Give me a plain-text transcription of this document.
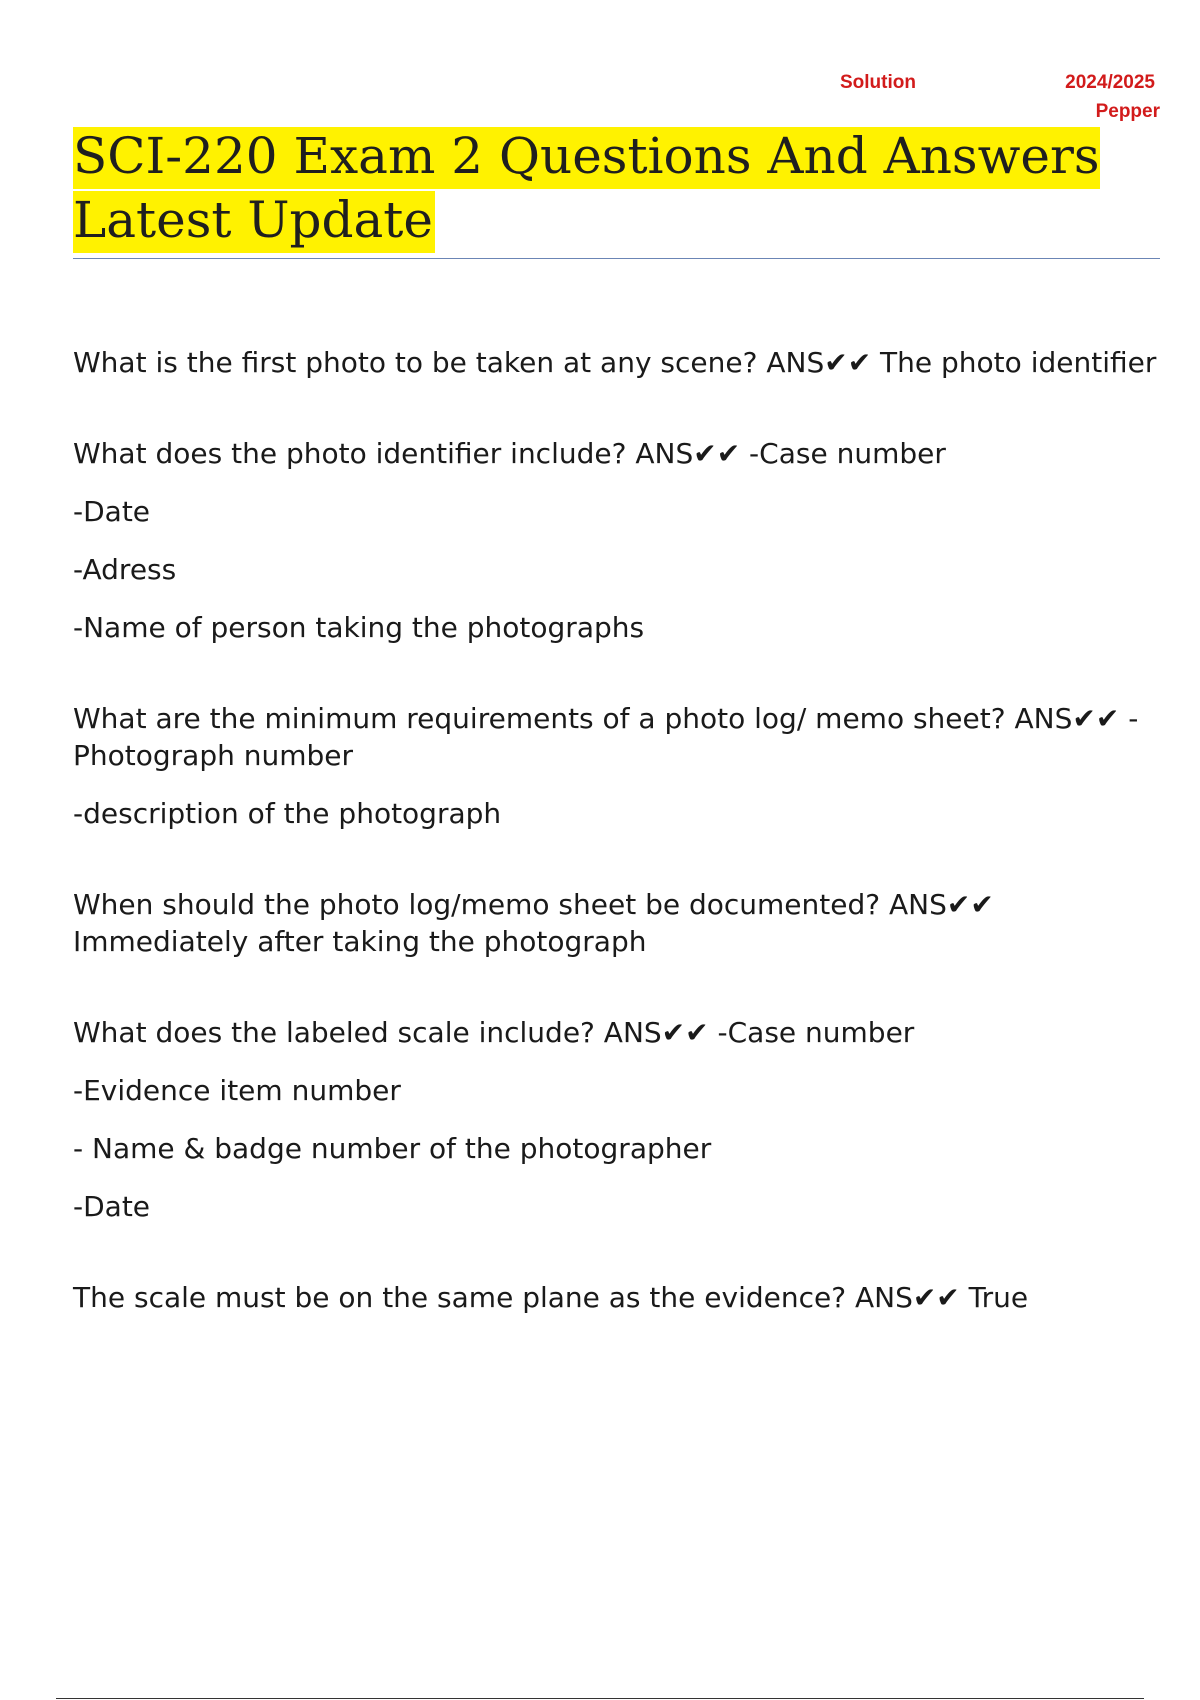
Solution	2024/2025
Pepper
SCI-220 Exam 2 Questions And Answers Latest Update

What is the first photo to be taken at any scene? ANS✔✔ The photo identifier

What does the photo identifier include? ANS✔✔ -Case number

-Date

-Adress

-Name of person taking the photographs

What are the minimum requirements of a photo log/ memo sheet? ANS✔✔ -Photograph number

-description of the photograph

When should the photo log/memo sheet be documented? ANS✔✔ Immediately after taking the photograph

What does the labeled scale include? ANS✔✔ -Case number

-Evidence item number

- Name & badge number of the photographer

-Date

The scale must be on the same plane as the evidence? ANS✔✔ True
